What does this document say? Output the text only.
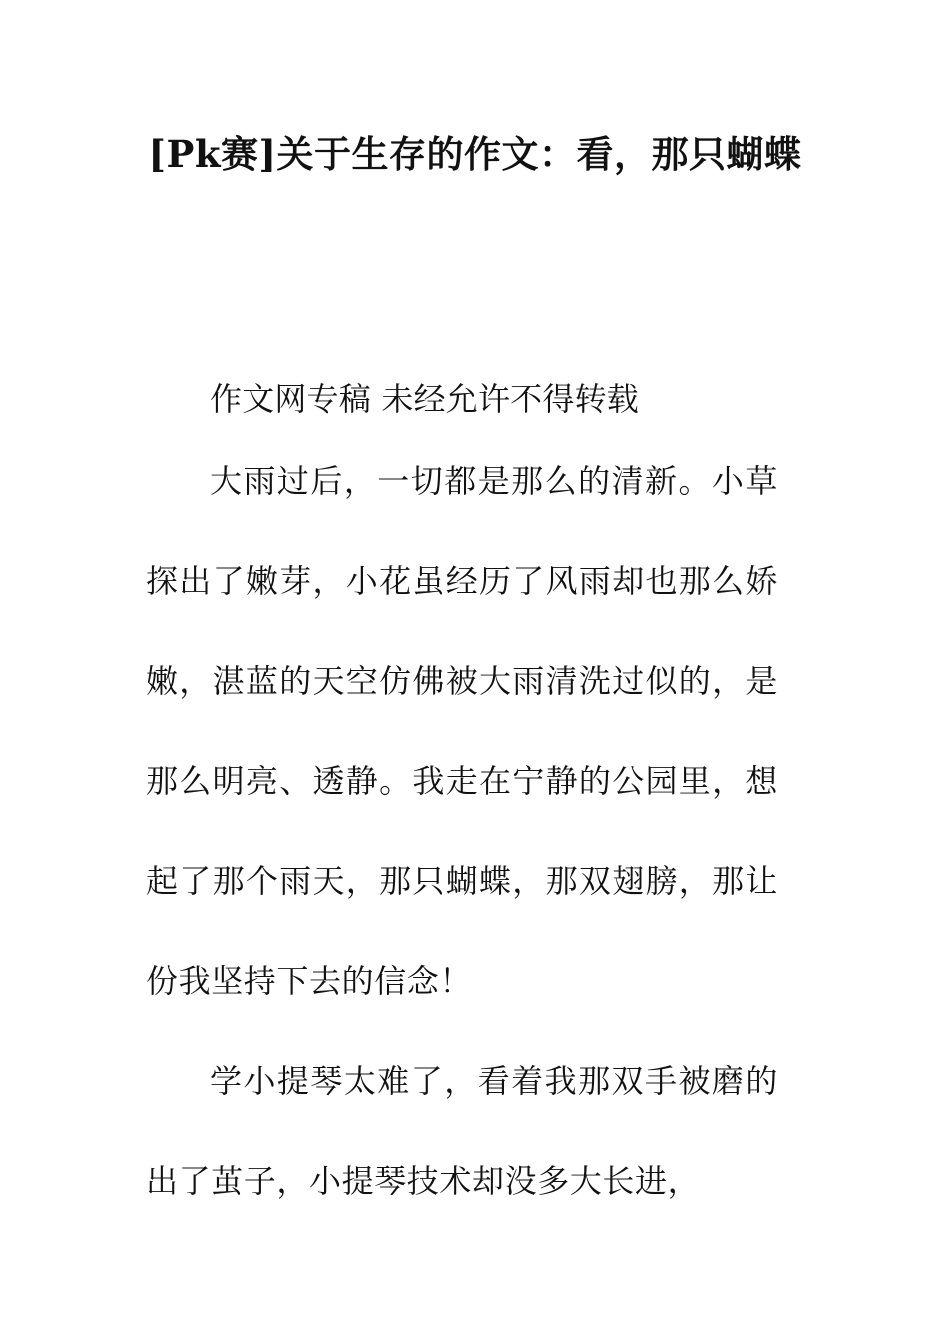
[Pk赛]关于生存的作文：看，那只蝴蝶

作文网专稿 未经允许不得转载

大雨过后，一切都是那么的清新。小草探出了嫩芽，小花虽经历了风雨却也那么娇嫩，湛蓝的天空仿佛被大雨清洗过似的，是那么明亮、透静。我走在宁静的公园里，想起了那个雨天，那只蝴蝶，那双翅膀，那让份我坚持下去的信念！

学小提琴太难了，看着我那双手被磨的出了茧子，小提琴技术却没多大长进，
